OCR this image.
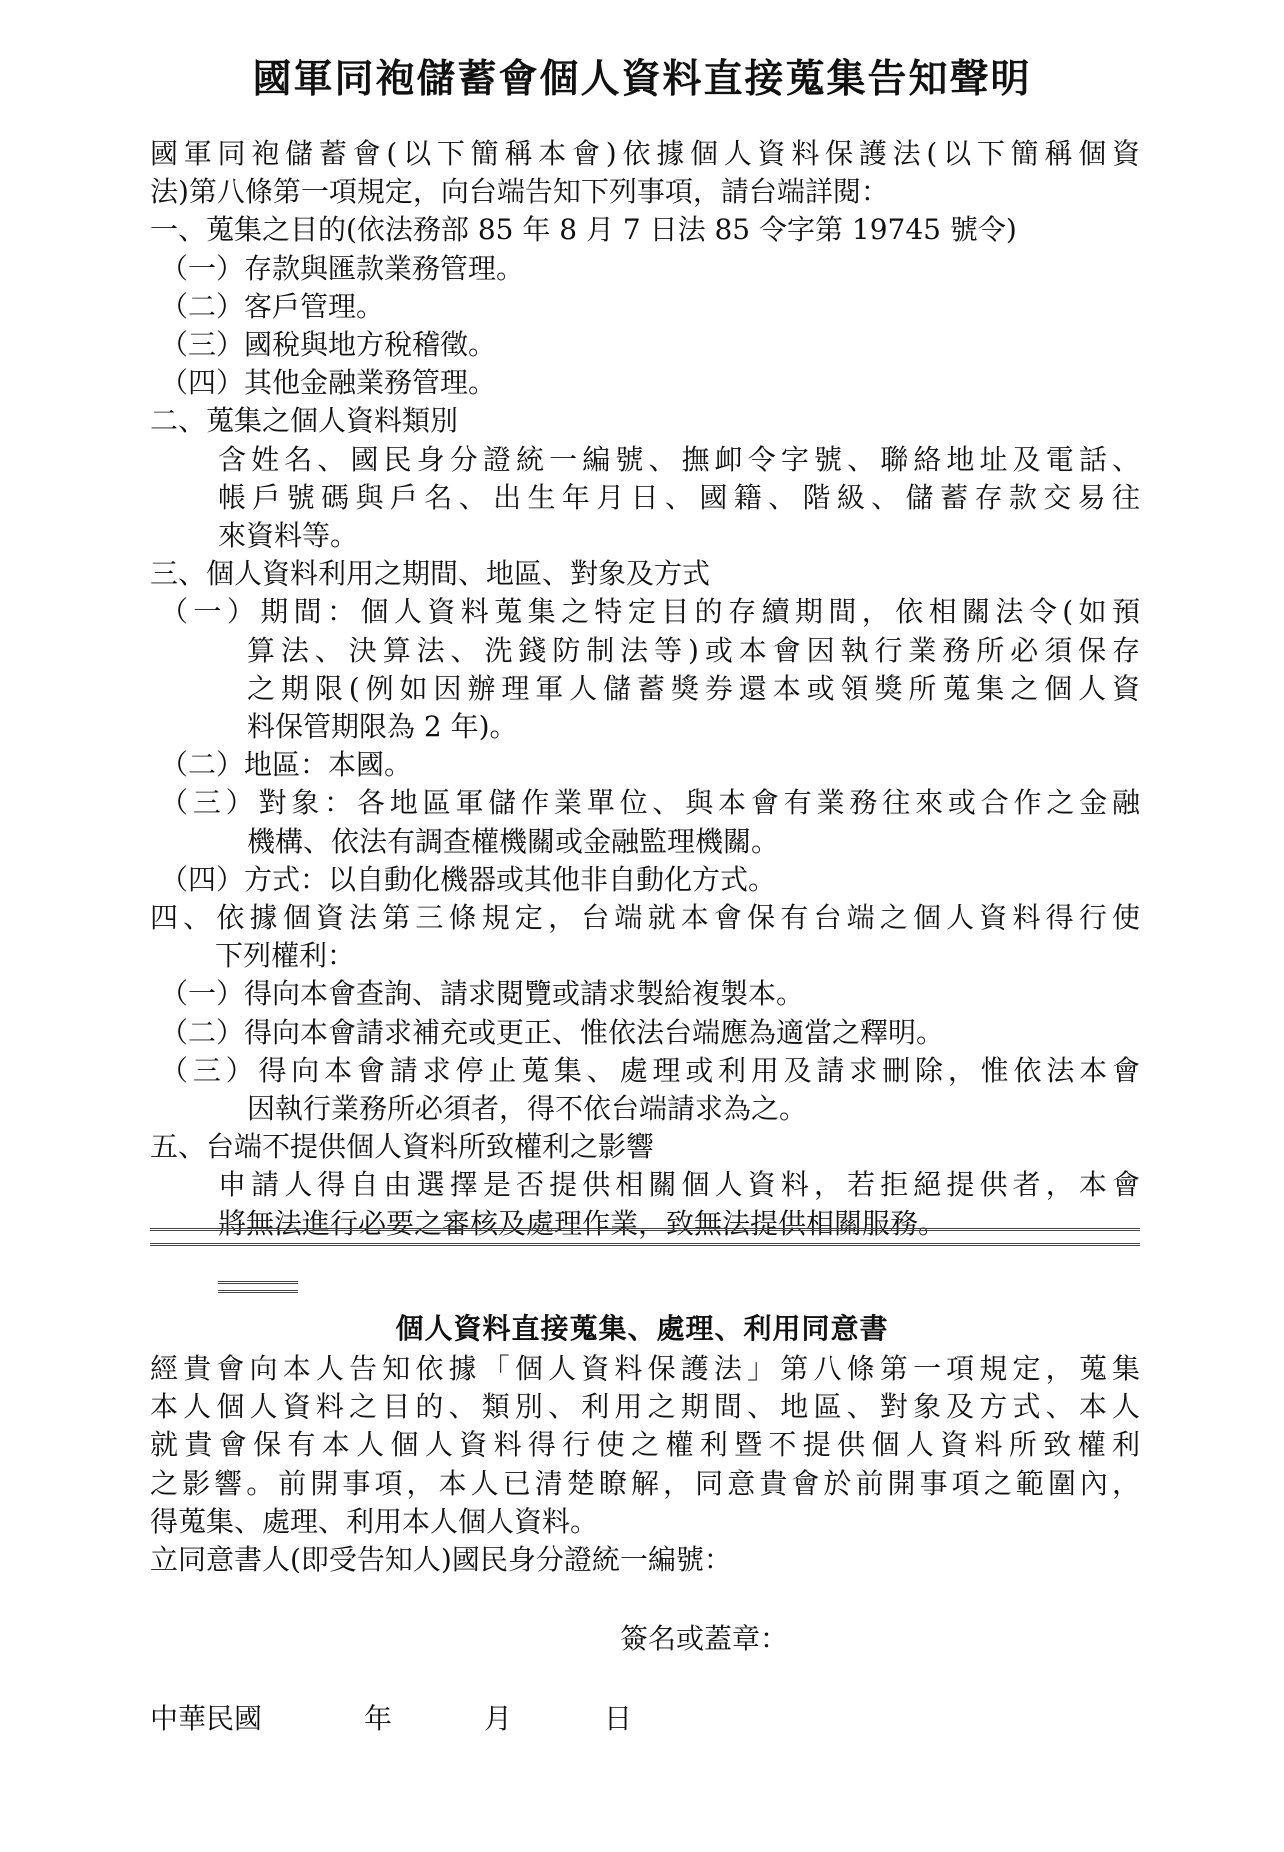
國軍同袍儲蓄會個人資料直接蒐集告知聲明

國軍同袍儲蓄會(以下簡稱本會)依據個人資料保護法(以下簡稱個資

法)第八條第一項規定，向台端告知下列事項，請台端詳閱：

一、蒐集之目的(依法務部 85 年 8 月 7 日法 85 令字第 19745 號令)

（一）存款與匯款業務管理。

（二）客戶管理。

（三）國稅與地方稅稽徵。

（四）其他金融業務管理。

二、蒐集之個人資料類別

含姓名、國民身分證統一編號、撫卹令字號、聯絡地址及電話、

帳戶號碼與戶名、出生年月日、國籍、階級、儲蓄存款交易往

來資料等。

三、個人資料利用之期間、地區、對象及方式

（一）期間：個人資料蒐集之特定目的存續期間，依相關法令(如預

算法、決算法、洗錢防制法等)或本會因執行業務所必須保存

之期限(例如因辦理軍人儲蓄獎券還本或領獎所蒐集之個人資

料保管期限為 2 年)。

（二）地區：本國。

（三）對象：各地區軍儲作業單位、與本會有業務往來或合作之金融

機構、依法有調查權機關或金融監理機關。

（四）方式：以自動化機器或其他非自動化方式。

四、依據個資法第三條規定，台端就本會保有台端之個人資料得行使

下列權利：

（一）得向本會查詢、請求閱覽或請求製給複製本。

（二）得向本會請求補充或更正、惟依法台端應為適當之釋明。

（三）得向本會請求停止蒐集、處理或利用及請求刪除，惟依法本會

因執行業務所必須者，得不依台端請求為之。

五、台端不提供個人資料所致權利之影響

申請人得自由選擇是否提供相關個人資料，若拒絕提供者，本會

將無法進行必要之審核及處理作業，致無法提供相關服務。

個人資料直接蒐集、處理、利用同意書

經貴會向本人告知依據「個人資料保護法」第八條第一項規定，蒐集

本人個人資料之目的、類別、利用之期間、地區、對象及方式、本人

就貴會保有本人個人資料得行使之權利暨不提供個人資料所致權利

之影響。前開事項，本人已清楚瞭解，同意貴會於前開事項之範圍內，

得蒐集、處理、利用本人個人資料。

立同意書人(即受告知人)國民身分證統一編號：

簽名或蓋章：

中華民國	年	月	日
